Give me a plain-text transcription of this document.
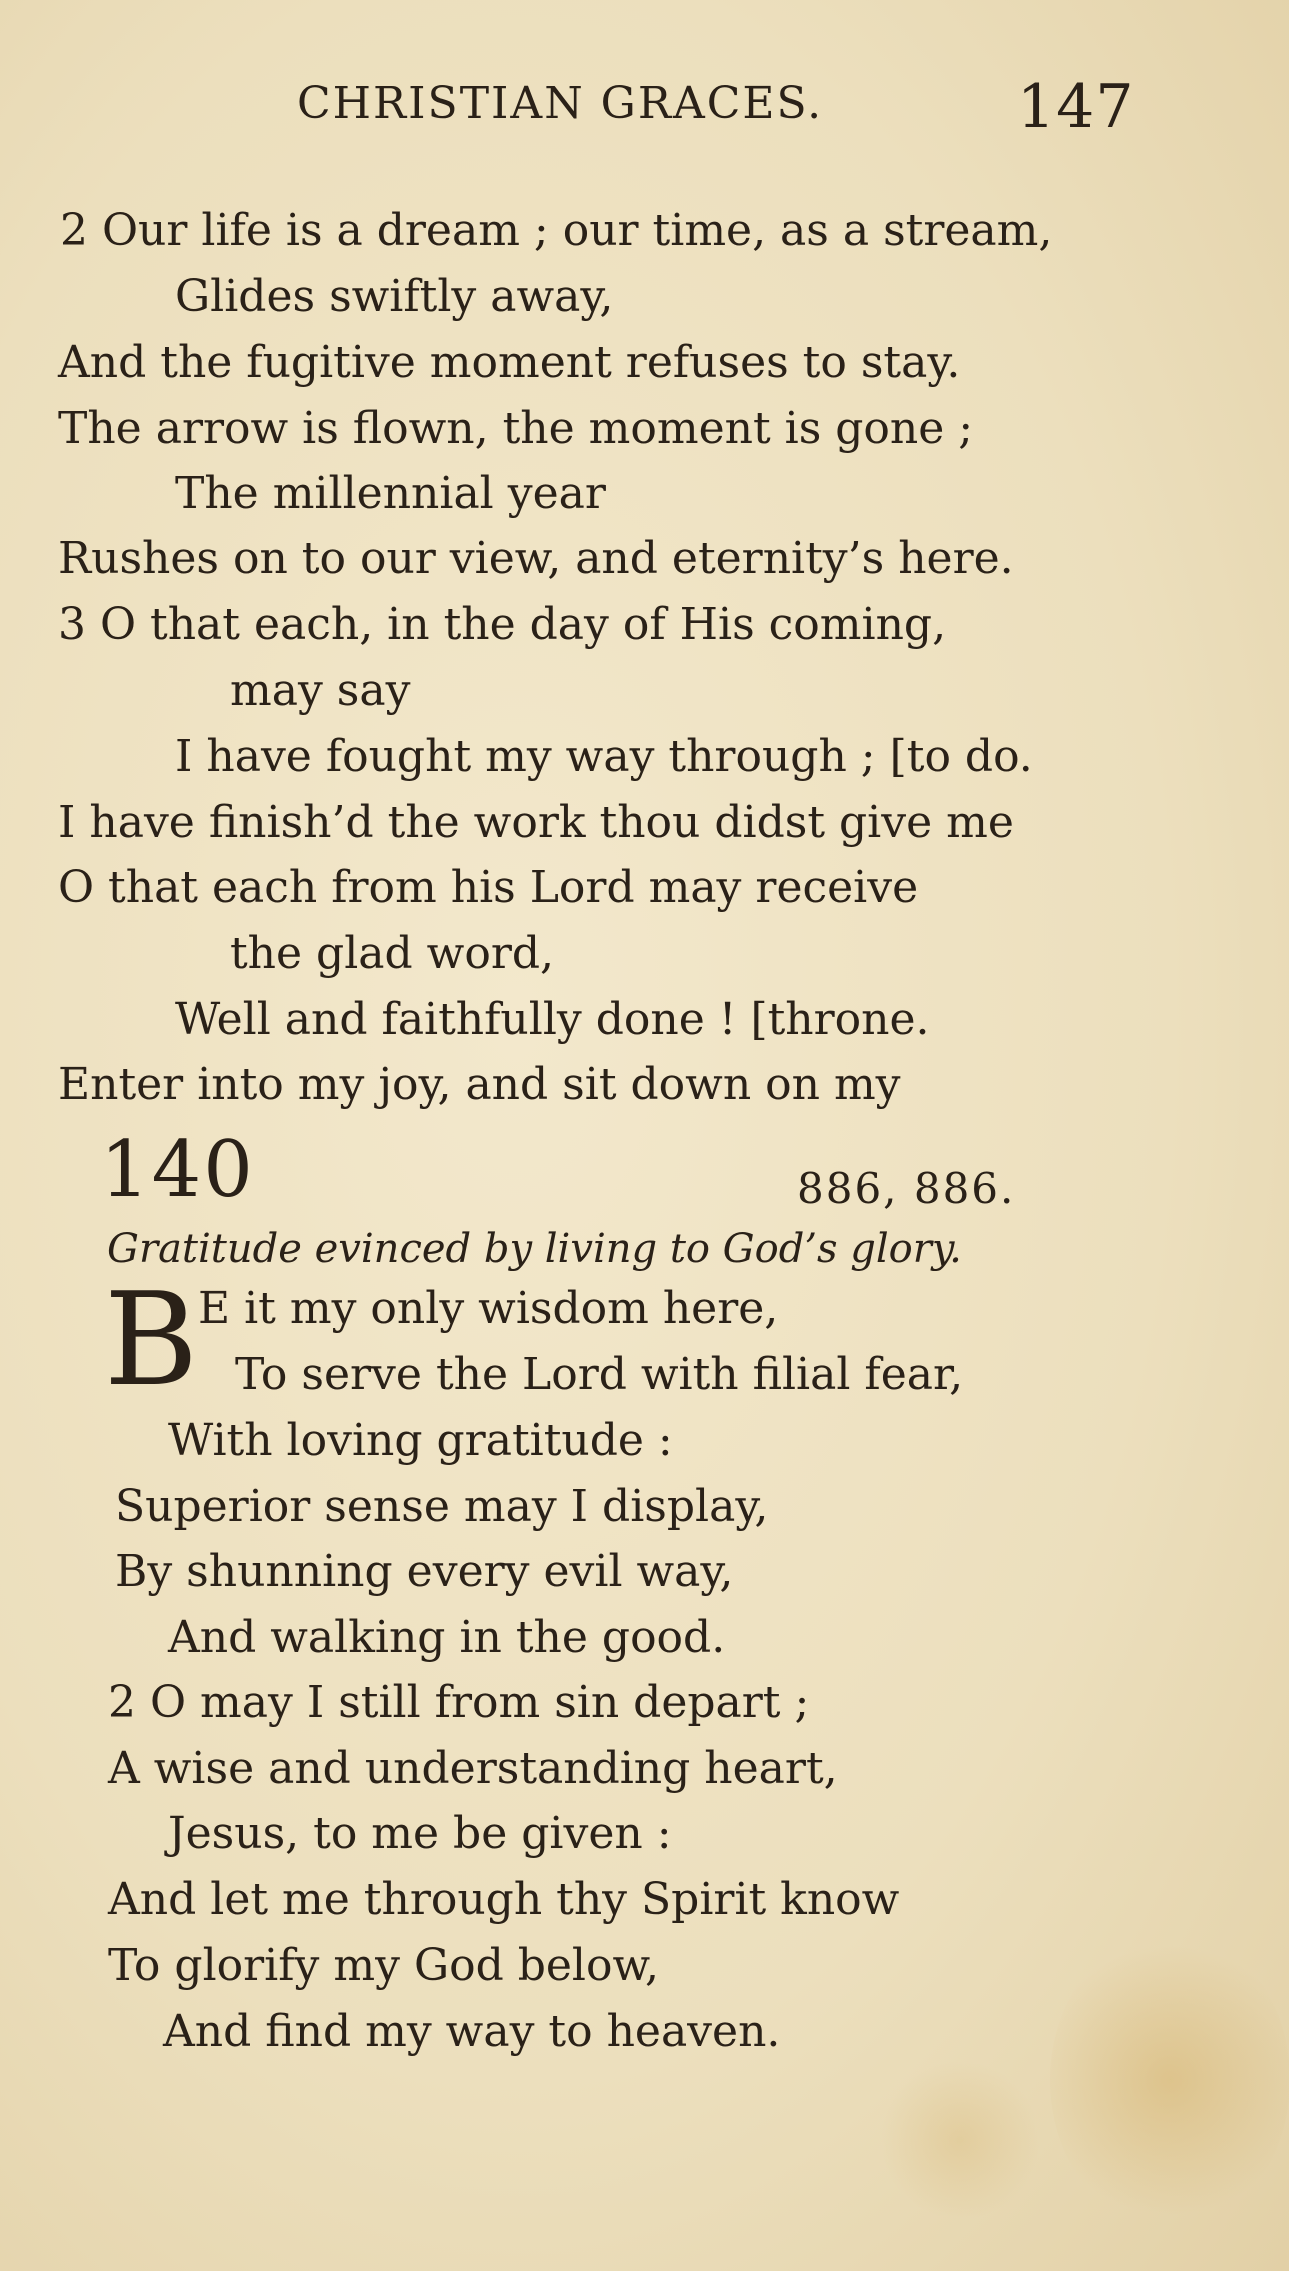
CHRISTIAN GRACES.	147
2 Our life is a dream ; our time, as a stream,
Glides swiftly away,
And the fugitive moment refuses to stay.
The arrow is flown, the moment is gone ;
The millennial year
Rushes on to our view, and eternity’s here.
3 O that each, in the day of His coming,
may say
I have fought my way through ; [to do.
I have finish’d the work thou didst give me
O that each from his Lord may receive
the glad word,
Well and faithfully done ! [throne.
Enter into my joy, and sit down on my
140	886, 886.
Gratitude evinced by living to God’s glory.
B E it my only wisdom here,
To serve the Lord with filial fear,
With loving gratitude :
Superior sense may I display,
By shunning every evil way,
And walking in the good.
2 O may I still from sin depart ;
A wise and understanding heart,
Jesus, to me be given :
And let me through thy Spirit know
To glorify my God below,
And find my way to heaven.
